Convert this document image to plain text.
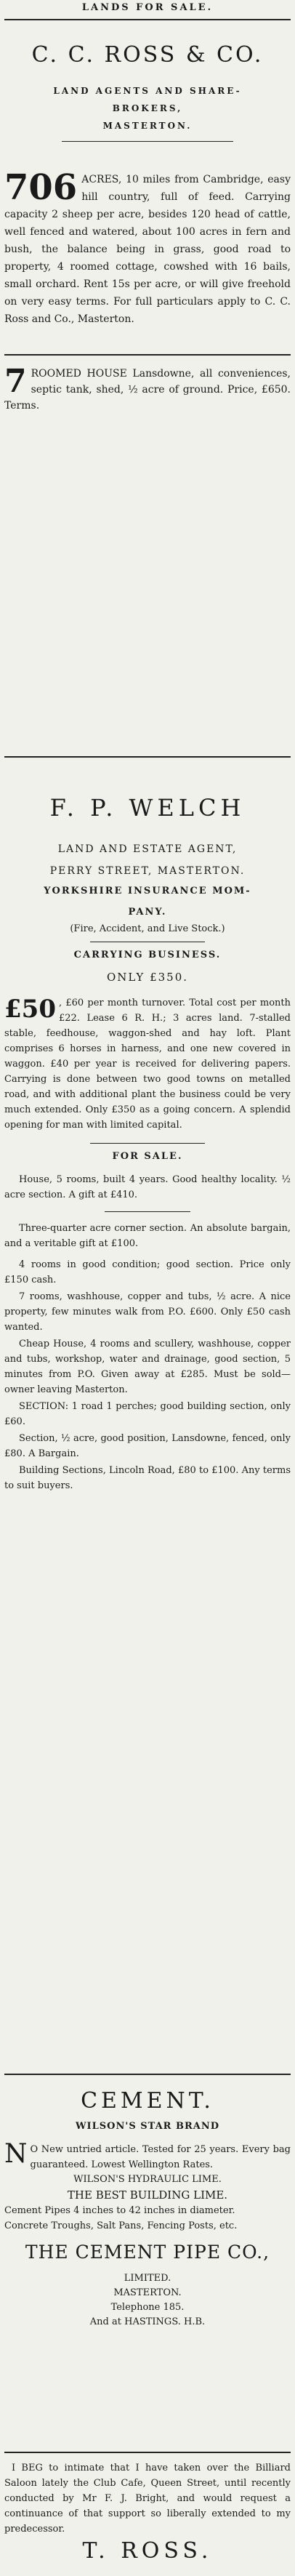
LANDS FOR SALE.
C. C. ROSS & CO.
LAND AGENTS AND SHARE-
BROKERS,
MASTERTON.
706 ACRES, 10 miles from Cambridge, easy hill country, full of feed. Carrying capacity 2 sheep per acre, besides 120 head of cattle, well fenced and watered, about 100 acres in fern and bush, the balance being in grass, good road to property, 4 roomed cottage, cowshed with 16 bails, small orchard. Rent 15s per acre, or will give freehold on very easy terms. For full particulars apply to C. C. Ross and Co., Masterton.
7 ROOMED HOUSE Lansdowne, all conveniences, septic tank, shed, ½ acre of ground. Price, £650. Terms.
F. P. WELCH
LAND AND ESTATE AGENT,
PERRY STREET, MASTERTON.
YORKSHIRE INSURANCE MOM-
PANY.
(Fire, Accident, and Live Stock.)
CARRYING BUSINESS.
ONLY £350.
£50 , £60 per month turnover. Total cost per month £22. Lease 6 R. H.; 3 acres land. 7-stalled stable, feedhouse, waggon-shed and hay loft. Plant comprises 6 horses in harness, and one new covered in waggon. £40 per year is received for delivering papers. Carrying is done between two good towns on metalled road, and with additional plant the business could be very much extended. Only £350 as a going concern. A splendid opening for man with limited capital.
FOR SALE.

House, 5 rooms, built 4 years. Good healthy locality. ½ acre section. A gift at £410.

Three-quarter acre corner section. An absolute bargain, and a veritable gift at £100.

4 rooms in good condition; good section. Price only £150 cash.

7 rooms, washhouse, copper and tubs, ½ acre. A nice property, few minutes walk from P.O. £600. Only £50 cash wanted.

Cheap House, 4 rooms and scullery, washhouse, copper and tubs, workshop, water and drainage, good section, 5 minutes from P.O. Given away at £285. Must be sold—owner leaving Masterton.

SECTION: 1 road 1 perches; good building section, only £60.

Section, ½ acre, good position, Lansdowne, fenced, only £80. A Bargain.

Building Sections, Lincoln Road, £80 to £100. Any terms to suit buyers.

CEMENT.
WILSON'S STAR BRAND
N O New untried article. Tested for 25 years. Every bag guaranteed. Lowest Wellington Rates.
WILSON'S HYDRAULIC LIME.
THE BEST BUILDING LIME.

Cement Pipes 4 inches to 42 inches in diameter.

Concrete Troughs, Salt Pans, Fencing Posts, etc.

THE CEMENT PIPE CO.,
LIMITED.
MASTERTON.
Telephone 185.
And at HASTINGS. H.B.

I BEG to intimate that I have taken over the Billiard Saloon lately the Club Cafe, Queen Street, until recently conducted by Mr F. J. Bright, and would request a continuance of that support so liberally extended to my predecessor.

T. ROSS.
